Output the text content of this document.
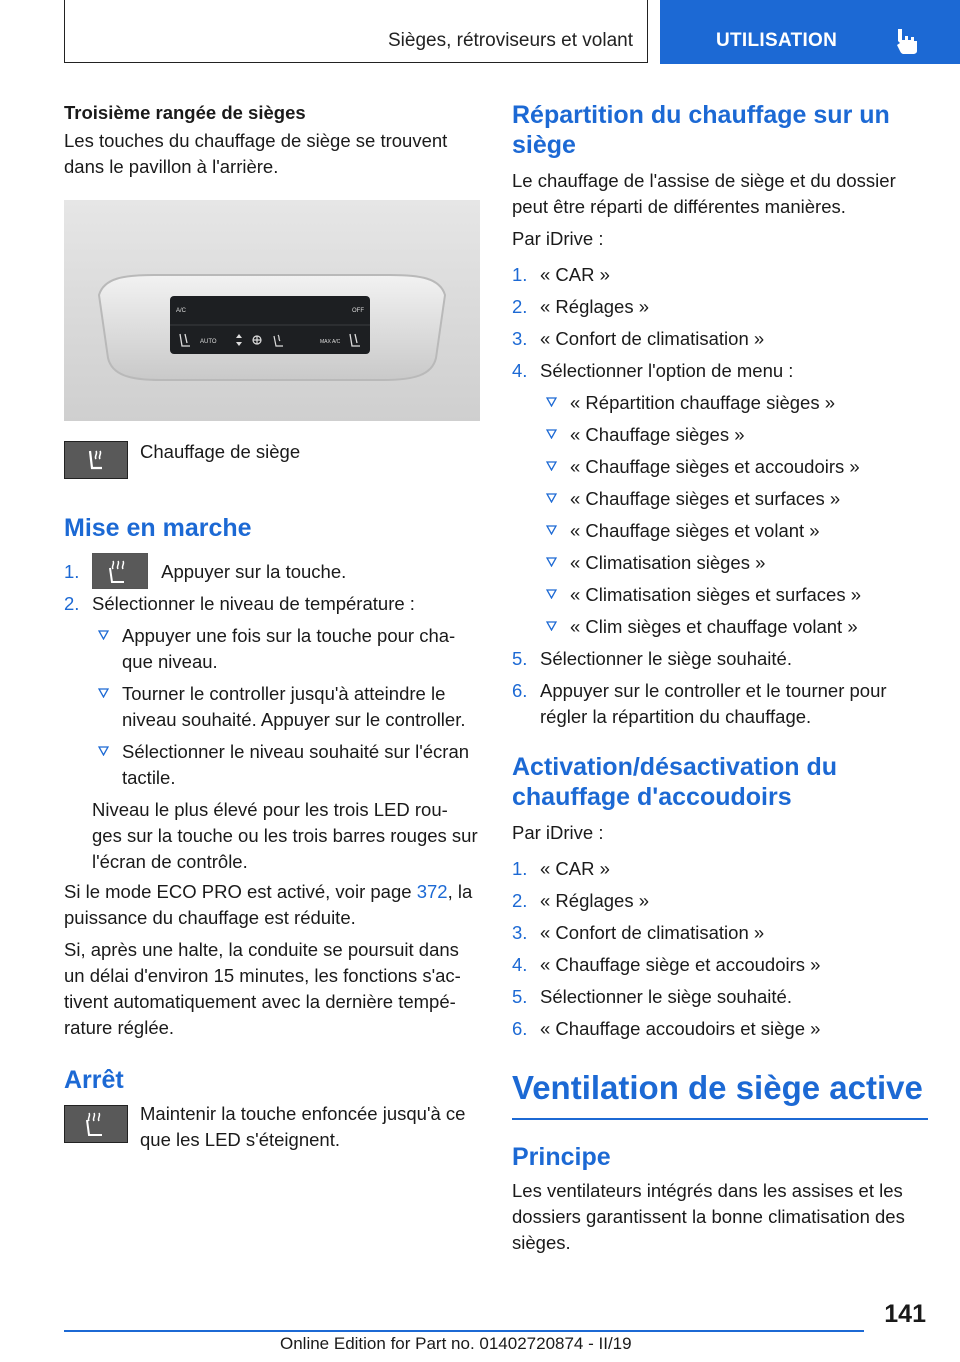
Sièges, rétroviseurs et volant	UTILISATION
Troisième rangée de sièges

Les touches du chauffage de siège se trouvent dans le pavillon à l'arrière.

A/C	OFF
AUTO	MAX A/C
Chauffage de siège
Mise en marche
1.	Appuyer sur la touche.
2. Sélectionner le niveau de température :
Appuyer une fois sur la touche pour cha‐ que niveau.
Tourner le controller jusqu'à atteindre le niveau souhaité. Appuyer sur le controller.
Sélectionner le niveau souhaité sur l'écran tactile.

Niveau le plus élevé pour les trois LED rou‐ ges sur la touche ou les trois barres rouges sur l'écran de contrôle.

Si le mode ECO PRO est activé, voir page 372, la puissance du chauffage est réduite.

Si, après une halte, la conduite se poursuit dans un délai d'environ 15 minutes, les fonctions s'ac‐ tivent automatiquement avec la dernière tempé‐ rature réglée.

Arrêt

Maintenir la touche enfoncée jusqu'à ce que les LED s'éteignent.

Répartition du chauffage sur un siège

Le chauffage de l'assise de siège et du dossier peut être réparti de différentes manières.

Par iDrive :

1. « CAR »
2. « Réglages »
3. « Confort de climatisation »
4. Sélectionner l'option de menu :
« Répartition chauffage sièges »
« Chauffage sièges »
« Chauffage sièges et accoudoirs »
« Chauffage sièges et surfaces »
« Chauffage sièges et volant »
« Climatisation sièges »
« Climatisation sièges et surfaces »
« Clim sièges et chauffage volant »
5. Sélectionner le siège souhaité.
6. Appuyer sur le controller et le tourner pour régler la répartition du chauffage.
Activation/désactivation du chauffage d'accoudoirs

Par iDrive :

1. « CAR »
2. « Réglages »
3. « Confort de climatisation »
4. « Chauffage siège et accoudoirs »
5. Sélectionner le siège souhaité.
6. « Chauffage accoudoirs et siège »
Ventilation de siège active
Principe

Les ventilateurs intégrés dans les assises et les dossiers garantissent la bonne climatisation des sièges.

141
Online Edition for Part no. 01402720874 - II/19
